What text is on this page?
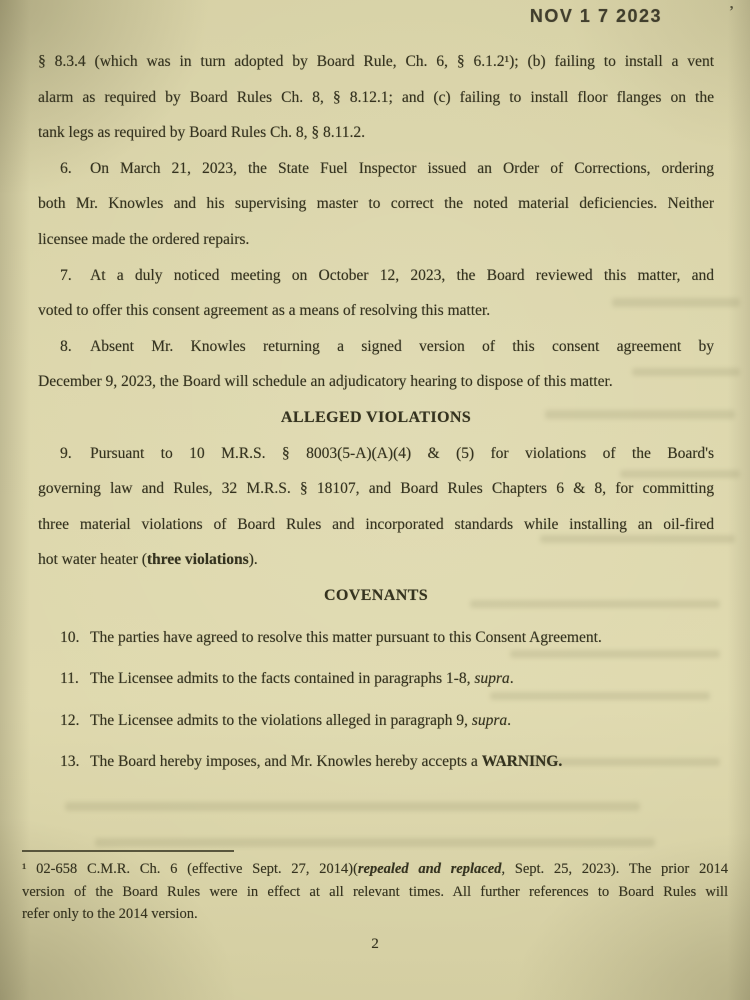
NOV 1 7 2023	ʼ

§ 8.3.4 (which was in turn adopted by Board Rule, Ch. 6, § 6.1.2¹); (b) failing to install a vent
alarm as required by Board Rules Ch. 8, § 8.12.1; and (c) failing to install floor flanges on the
tank legs as required by Board Rules Ch. 8, § 8.11.2.

6. On March 21, 2023, the State Fuel Inspector issued an Order of Corrections, ordering
both Mr. Knowles and his supervising master to correct the noted material deficiencies. Neither
licensee made the ordered repairs.

7. At a duly noticed meeting on October 12, 2023, the Board reviewed this matter, and
voted to offer this consent agreement as a means of resolving this matter.

8. Absent Mr. Knowles returning a signed version of this consent agreement by
December 9, 2023, the Board will schedule an adjudicatory hearing to dispose of this matter.

ALLEGED VIOLATIONS

9. Pursuant to 10 M.R.S. § 8003(5-A)(A)(4) & (5) for violations of the Board's
governing law and Rules, 32 M.R.S. § 18107, and Board Rules Chapters 6 & 8, for committing
three material violations of Board Rules and incorporated standards while installing an oil-fired
hot water heater (three violations).

COVENANTS

10. The parties have agreed to resolve this matter pursuant to this Consent Agreement.

11. The Licensee admits to the facts contained in paragraphs 1-8, supra.

12. The Licensee admits to the violations alleged in paragraph 9, supra.

13. The Board hereby imposes, and Mr. Knowles hereby accepts a WARNING.

¹ 02-658 C.M.R. Ch. 6 (effective Sept. 27, 2014)(repealed and replaced, Sept. 25, 2023). The prior 2014
version of the Board Rules were in effect at all relevant times. All further references to Board Rules will
refer only to the 2014 version.
2
